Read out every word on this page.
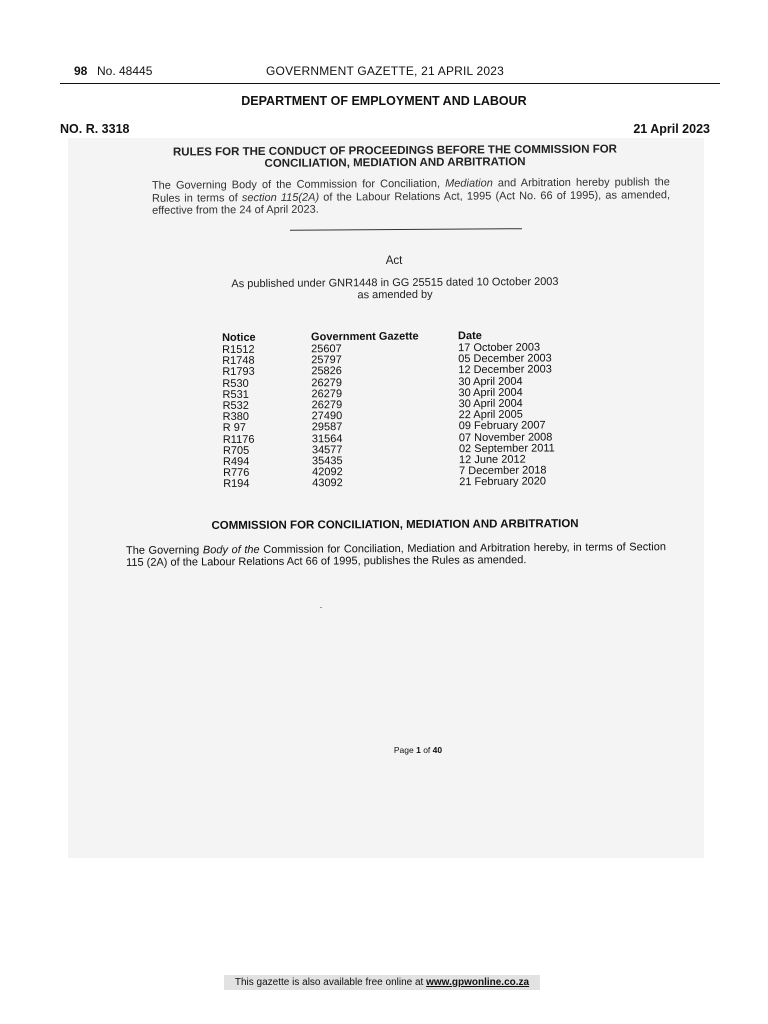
98 No. 48445	GOVERNMENT GAZETTE, 21 APRIL 2023
DEPARTMENT OF EMPLOYMENT AND LABOUR
NO. R. 3318	21 April 2023
RULES FOR THE CONDUCT OF PROCEEDINGS BEFORE THE COMMISSION FOR
CONCILIATION, MEDIATION AND ARBITRATION
The Governing Body of the Commission for Conciliation, Mediation and Arbitration hereby publish the Rules in terms of section 115(2A) of the Labour Relations Act, 1995 (Act No. 66 of 1995), as amended, effective from the 24 of April 2023.
Act
As published under GNR1448 in GG 25515 dated 10 October 2003
as amended by
Notice	Government Gazette	Date
R1512	25607	17 October 2003
R1748	25797	05 December 2003
R1793	25826	12 December 2003
R530	26279	30 April 2004
R531	26279	30 April 2004
R532	26279	30 April 2004
R380	27490	22 April 2005
R 97	29587	09 February 2007
R1176	31564	07 November 2008
R705	34577	02 September 2011
R494	35435	12 June 2012
R776	42092	7 December 2018
R194	43092	21 February 2020
COMMISSION FOR CONCILIATION, MEDIATION AND ARBITRATION
The Governing Body of the Commission for Conciliation, Mediation and Arbitration hereby, in terms of Section 115 (2A) of the Labour Relations Act 66 of 1995, publishes the Rules as amended.
Page 1 of 40
This gazette is also available free online at www.gpwonline.co.za
